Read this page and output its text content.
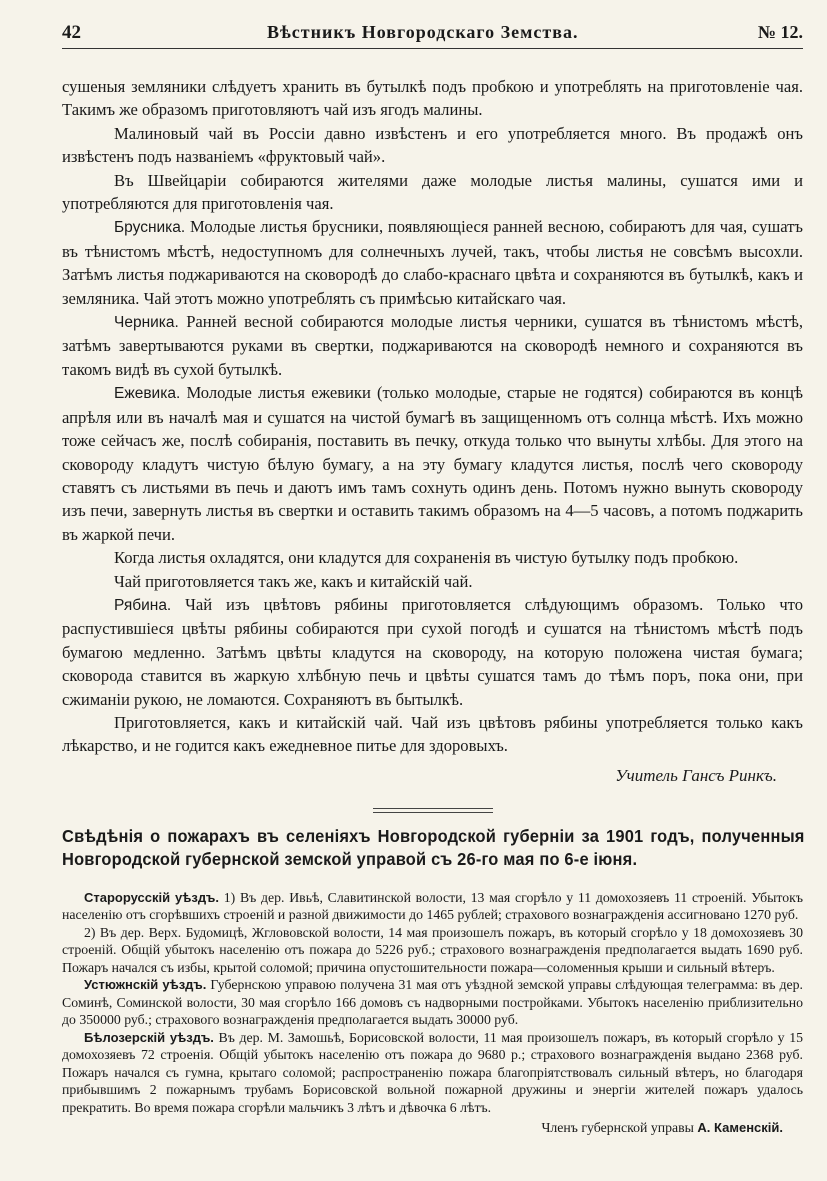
42	Вѣстникъ Новгородскаго Земства.	№ 12.

сушеныя земляники слѣдуетъ хранить въ бутылкѣ подъ пробкою и употреблять на приготовленіе чая. Такимъ же образомъ приготовляютъ чай изъ ягодъ малины.

Малиновый чай въ Россіи давно извѣстенъ и его употребляется много. Въ продажѣ онъ извѣстенъ подъ названіемъ «фруктовый чай».

Въ Швейцаріи собираются жителями даже молодые листья малины, сушатся ими и употребляются для приготовленія чая.

Брусника. Молодые листья брусники, появляющіеся ранней весною, собираютъ для чая, сушатъ въ тѣнистомъ мѣстѣ, недоступномъ для солнечныхъ лучей, такъ, чтобы листья не совсѣмъ высохли. Затѣмъ листья поджариваются на сковородѣ до слабо-краснаго цвѣта и сохраняются въ бутылкѣ, какъ и земляника. Чай этотъ можно употреблять съ примѣсью китайскаго чая.

Черника. Ранней весной собираются молодые листья черники, сушатся въ тѣнистомъ мѣстѣ, затѣмъ завертываются руками въ свертки, поджариваются на сковородѣ немного и сохраняются въ такомъ видѣ въ сухой бутылкѣ.

Ежевика. Молодые листья ежевики (только молодые, старые не годятся) собираются въ концѣ апрѣля или въ началѣ мая и сушатся на чистой бумагѣ въ защищенномъ отъ солнца мѣстѣ. Ихъ можно тоже сейчасъ же, послѣ собиранія, поставить въ печку, откуда только что вынуты хлѣбы. Для этого на сковороду кладутъ чистую бѣлую бумагу, а на эту бумагу кладутся листья, послѣ чего сковороду ставятъ съ листьями въ печь и даютъ имъ тамъ сохнуть одинъ день. Потомъ нужно вынуть сковороду изъ печи, завернуть листья въ свертки и оставить такимъ образомъ на 4—5 часовъ, а потомъ поджарить въ жаркой печи.

Когда листья охладятся, они кладутся для сохраненія въ чистую бутылку подъ пробкою.

Чай приготовляется такъ же, какъ и китайскій чай.

Рябина. Чай изъ цвѣтовъ рябины приготовляется слѣдующимъ образомъ. Только что распустившіеся цвѣты рябины собираются при сухой погодѣ и сушатся на тѣнистомъ мѣстѣ подъ бумагою медленно. Затѣмъ цвѣты кладутся на сковороду, на которую положена чистая бумага; сковорода ставится въ жаркую хлѣбную печь и цвѣты сушатся тамъ до тѣмъ поръ, пока они, при сжиманіи рукою, не ломаются. Сохраняютъ въ бытылкѣ.

Приготовляется, какъ и китайскій чай. Чай изъ цвѣтовъ рябины употребляется только какъ лѣкарство, и не годится какъ ежедневное питье для здоровыхъ.

Учитель Гансъ Ринкъ.
Свѣдѣнія о пожарахъ въ селеніяхъ Новгородской губерніи за 1901 годъ, полученныя Новгородской губернской земской управой съ 26-го мая по 6-е іюня.

Старорусскій уѣздъ. 1) Въ дер. Ивьѣ, Славитинской волости, 13 мая сгорѣло у 11 домохозяевъ 11 строеній. Убытокъ населенію отъ сгорѣвшихъ строеній и разной движимости до 1465 рублей; страхового вознагражденія ассигновано 1270 руб.

2) Въ дер. Верх. Будомицѣ, Жглововской волости, 14 мая произошелъ пожаръ, въ который сгорѣло у 18 домохозяевъ 30 строеній. Общій убытокъ населенію отъ пожара до 5226 руб.; страхового вознагражденія предполагается выдать 1690 руб. Пожаръ начался съ избы, крытой соломой; причина опустошительности пожара—соломенныя крыши и сильный вѣтеръ.

Устюжнскій уѣздъ. Губернскою управою получена 31 мая отъ уѣздной земской управы слѣдующая телеграмма: въ дер. Соминѣ, Соминской волости, 30 мая сгорѣло 166 домовъ съ надворными постройками. Убытокъ населенію приблизительно до 350000 руб.; страхового вознагражденія предполагается выдать 30000 руб.

Бѣлозерскій уѣздъ. Въ дер. М. Замошьѣ, Борисовской волости, 11 мая произошелъ пожаръ, въ который сгорѣло у 15 домохозяевъ 72 строенія. Общій убытокъ населенію отъ пожара до 9680 р.; страхового вознагражденія выдано 2368 руб. Пожаръ начался съ гумна, крытаго соломой; распространенію пожара благопріятствовалъ сильный вѣтеръ, но благодаря прибывшимъ 2 пожарнымъ трубамъ Борисовской вольной пожарной дружины и энергіи жителей пожаръ удалось прекратить. Во время пожара сгорѣли мальчикъ 3 лѣтъ и дѣвочка 6 лѣтъ.

Членъ губернской управы А. Каменскій.
